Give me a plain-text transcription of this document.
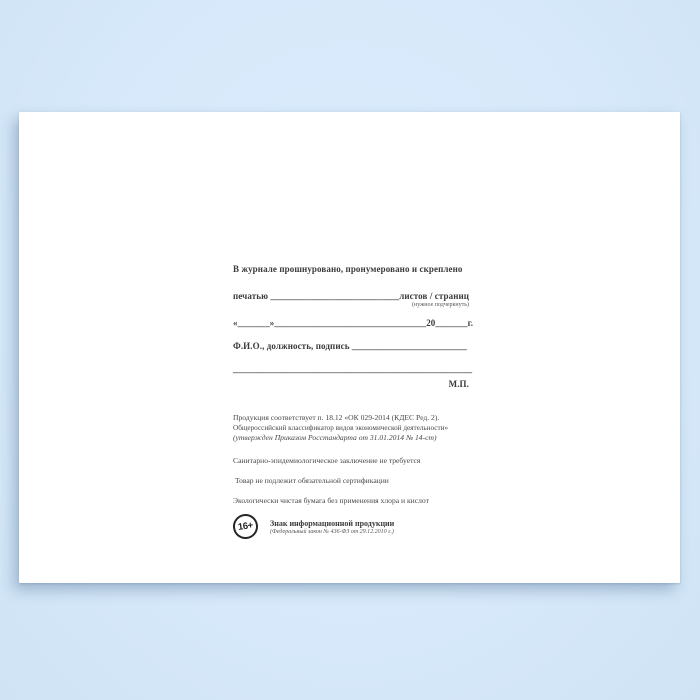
В журнале прошнуровано, пронумеровано и скреплено
печатью ____________________________листов / страниц
(нужное подчеркнуть)
«_______»_________________________________20_______г.
Ф.И.О., должность, подпись _________________________
____________________________________________________
М.П.
Продукция соответствует п. 18.12 «ОК 029-2014 (КДЕС Ред. 2).
Общероссийский классификатор видов экономической деятельности»
(утвержден Приказом Росстандарта от 31.01.2014 № 14-ст)
Санитарно-эпидемиологическое заключение не требуется
Товар не подлежит обязательной сертификации
Экологически чистая бумага без применения хлора и кислот
16+	Знак информационной продукции
(Федеральный закон № 436-ФЗ от 29.12.2010 г.)
